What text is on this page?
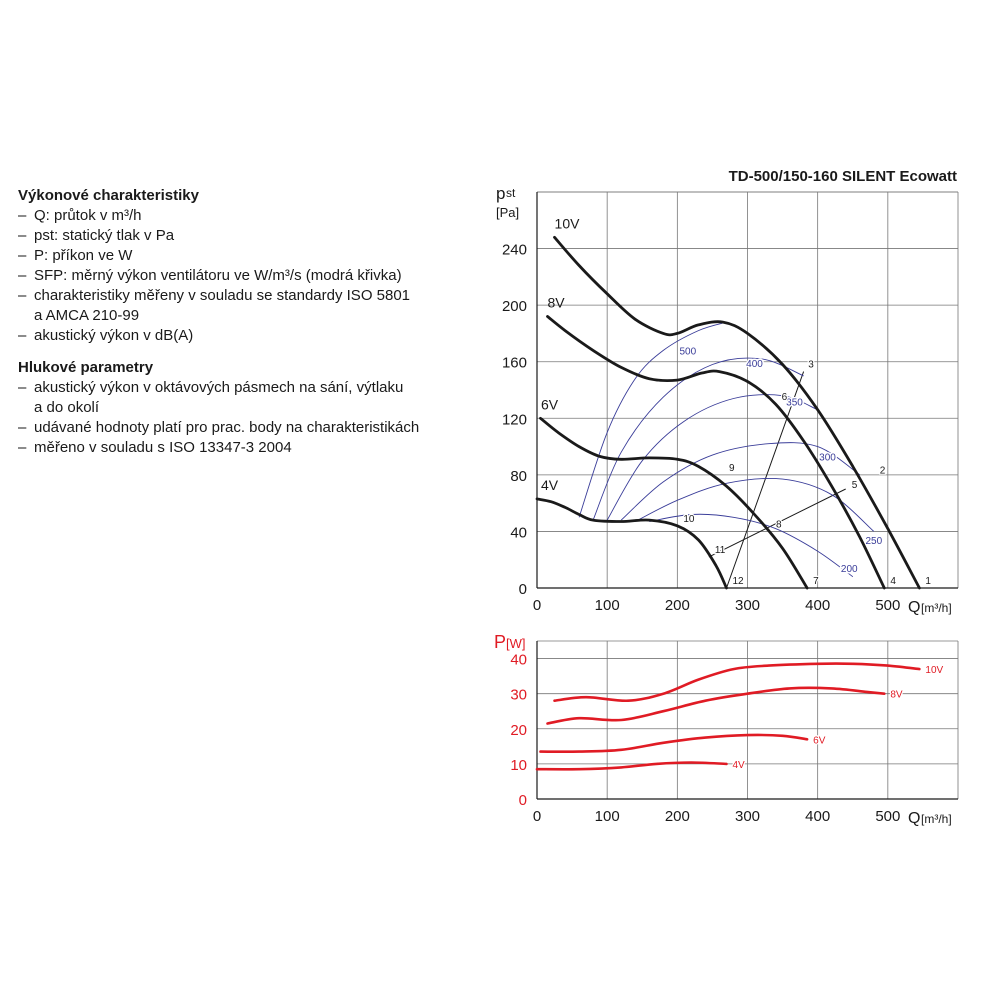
Výkonové charakteristiky
– Q: průtok v m³/h
– pst: statický tlak v Pa
– P: příkon ve W
– SFP: měrný výkon ventilátoru ve W/m³/s (modrá křivka)
– charakteristiky měřeny v souladu se standardy ISO 5801
a AMCA 210-99
– akustický výkon v dB(A)
Hlukové parametry
– akustický výkon v oktávových pásmech na sání, výtlaku
a do okolí
– udávané hodnoty platí pro prac. body na charakteristikách
– měřeno v souladu s ISO 13347-3 2004
0	100	200	300	400	500
0
40
80
120
160
200
240
Q [m³/h]
TD-500/150-160 SILENT Ecowatt
p st
[Pa]
500
400
350
300
250
200
10V
8V
6V
4V
1
2
3
4
5
6
7
8
9
10
11
12
0	100	200	300	400	500
0
10
20
30
40
Q [m³/h]
P [W]
10V
8V
6V
4V
